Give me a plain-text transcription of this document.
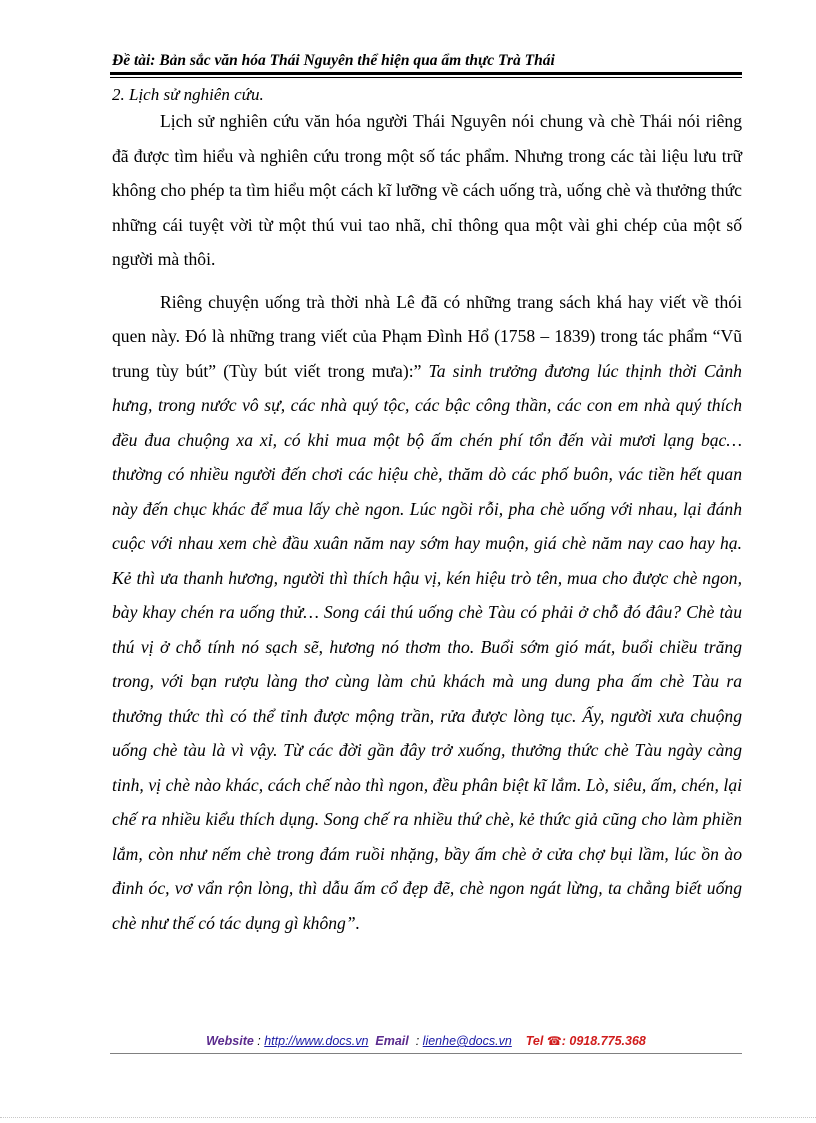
Đề tài: Bản sắc văn hóa Thái Nguyên thể hiện qua ẩm thực Trà Thái
2. Lịch sử nghiên cứu.

Lịch sử nghiên cứu văn hóa người Thái Nguyên nói chung và chè Thái nói riêng đã được tìm hiểu và nghiên cứu trong một số tác phẩm. Nhưng trong các tài liệu lưu trữ không cho phép ta tìm hiểu một cách kĩ lưỡng về cách uống trà, uống chè và thưởng thức những cái tuyệt vời từ một thú vui tao nhã, chỉ thông qua một vài ghi chép của một số người mà thôi.

Riêng chuyện uống trà thời nhà Lê đã có những trang sách khá hay viết về thói quen này. Đó là những trang viết của Phạm Đình Hổ (1758 – 1839) trong tác phẩm “Vũ trung tùy bút” (Tùy bút viết trong mưa):” Ta sinh trưởng đương lúc thịnh thời Cảnh hưng, trong nước vô sự, các nhà quý tộc, các bậc công thần, các con em nhà quý thích đều đua chuộng xa xỉ, có khi mua một bộ ấm chén phí tổn đến vài mươi lạng bạc… thường có nhiều người đến chơi các hiệu chè, thăm dò các phố buôn, vác tiền hết quan này đến chục khác để mua lấy chè ngon. Lúc ngồi rỗi, pha chè uống với nhau, lại đánh cuộc với nhau xem chè đầu xuân năm nay sớm hay muộn, giá chè năm nay cao hay hạ. Kẻ thì ưa thanh hương, người thì thích hậu vị, kén hiệu trò tên, mua cho được chè ngon, bày khay chén ra uống thử… Song cái thú uống chè Tàu có phải ở chỗ đó đâu? Chè tàu thú vị ở chỗ tính nó sạch sẽ, hương nó thơm tho. Buổi sớm gió mát, buổi chiều trăng trong, với bạn rượu làng thơ cùng làm chủ khách mà ung dung pha ấm chè Tàu ra thưởng thức thì có thể tỉnh được mộng trần, rửa được lòng tục. Ấy, người xưa chuộng uống chè tàu là vì vậy. Từ các đời gần đây trở xuống, thưởng thức chè Tàu ngày càng tinh, vị chè nào khác, cách chế nào thì ngon, đều phân biệt kĩ lắm. Lò, siêu, ấm, chén, lại chế ra nhiều kiểu thích dụng. Song chế ra nhiều thứ chè, kẻ thức giả cũng cho làm phiền lắm, còn như nếm chè trong đám ruồi nhặng, bầy ấm chè ở cửa chợ bụi lầm, lúc ồn ào đinh óc, vơ vẩn rộn lòng, thì dẫu ấm cổ đẹp đẽ, chè ngon ngát lừng, ta chẳng biết uống chè như thế có tác dụng gì không”.

Website : http://www.docs.vn Email  : lienhe@docs.vn Tel ☎: 0918.775.368
